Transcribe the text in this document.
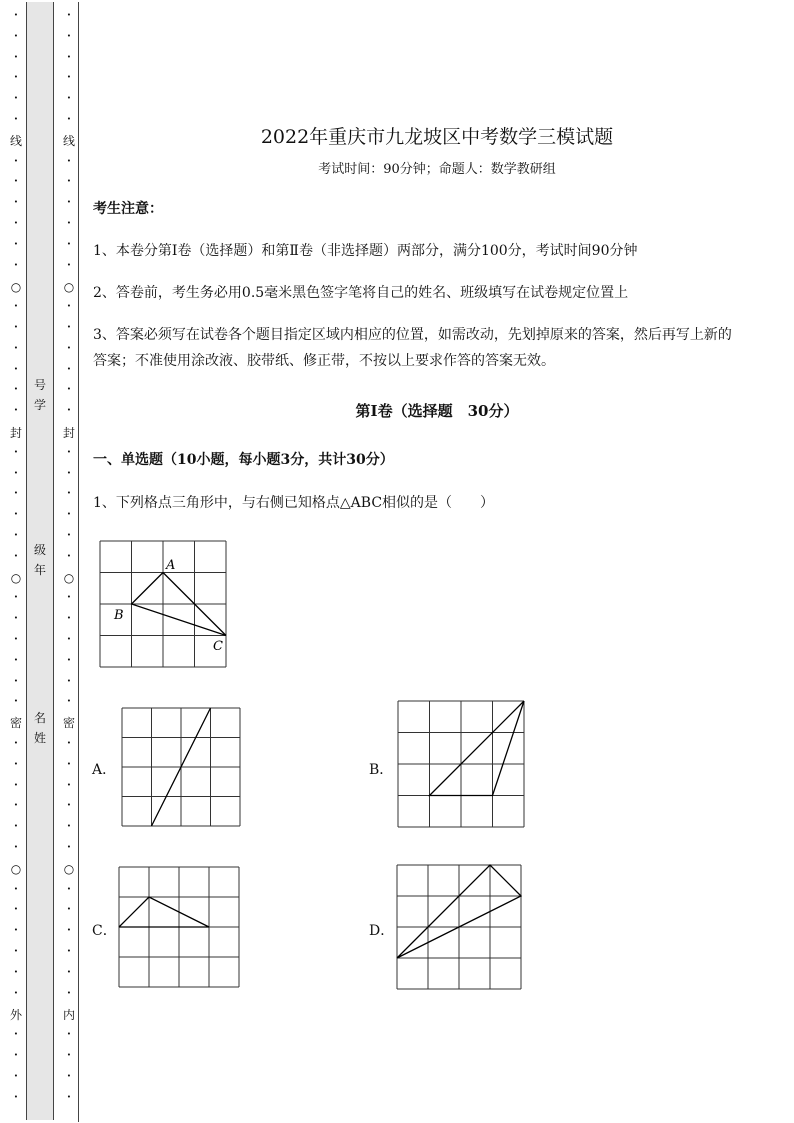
号学
级年
名姓
2022年重庆市九龙坡区中考数学三模试题
考试时间：90分钟；命题人：数学教研组
考生注意：
1、本卷分第I卷（选择题）和第Ⅱ卷（非选择题）两部分，满分100分，考试时间90分钟
2、答卷前，考生务必用0.5毫米黑色签字笔将自己的姓名、班级填写在试卷规定位置上
3、答案必须写在试卷各个题目指定区域内相应的位置，如需改动，先划掉原来的答案，然后再写上新的答案；不准使用涂改液、胶带纸、修正带，不按以上要求作答的答案无效。
第Ⅰ卷（选择题　30分）
一、单选题（10小题，每小题3分，共计30分）
1、下列格点三角形中，与右侧已知格点△ABC相似的是（　　）
A
B
C
A．	B．
C．	D．
•
•
•
•
•
•
•
•
•
•
•
•
•
•
•
•
•
•
•
•
•
•
•
•
•
•
•
•
•
•
•
•
•
•
•
•
•
•
•
•
•
•
•
•
•
•
线
封
密
外
○
○
○
•
•
•
•
•
•
•
•
•
•
•
•
•
•
•
•
•
•
•
•
•
•
•
•
•
•
•
•
•
•
•
•
•
•
•
•
•
•
•
•
•
•
•
•
•
•
线
封
密
内
○
○
○
